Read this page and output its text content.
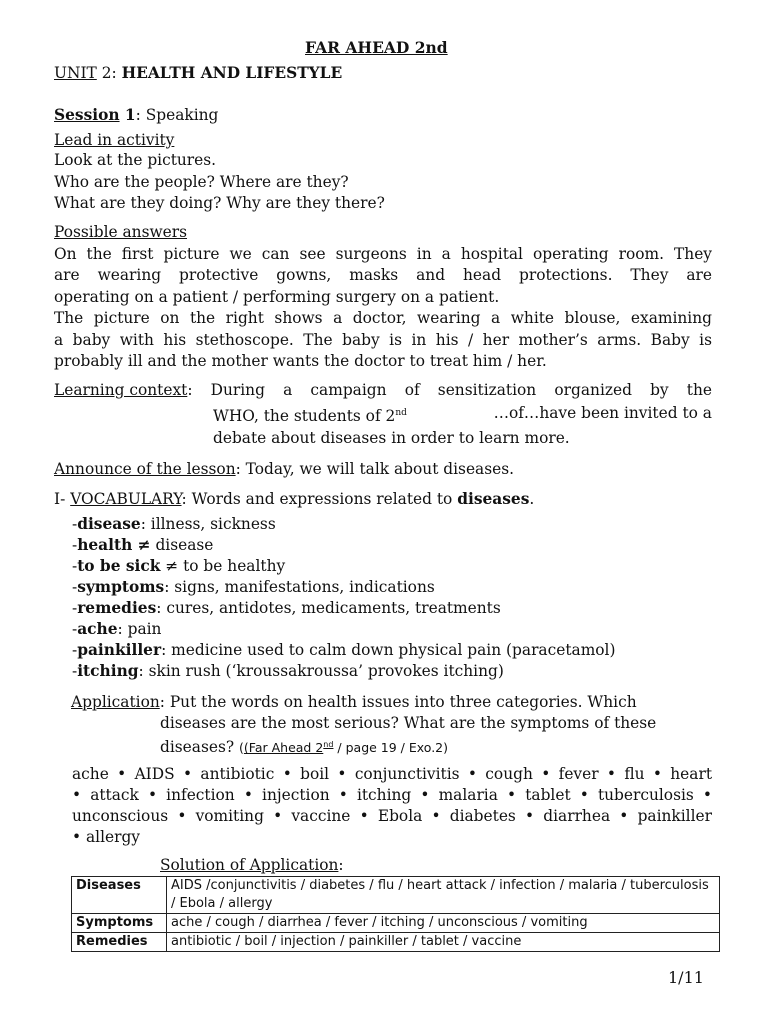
FAR AHEAD 2nd
UNIT 2: HEALTH AND LIFESTYLE
Session 1: Speaking
Lead in activity
Look at the pictures.
Who are the people? Where are they?
What are they doing? Why are they there?
Possible answers
On the first picture we can see surgeons in a hospital operating room. They
are wearing protective gowns, masks and head protections. They are
operating on a patient / performing surgery on a patient.
The picture on the right shows a doctor, wearing a white blouse, examining
a baby with his stethoscope. The baby is in his / her mother’s arms. Baby is
probably ill and the mother wants the doctor to treat him / her.
Learning context : During a campaign of sensitization organized by the
WHO, the students of 2nd	…of…have been invited to a
debate about diseases in order to learn more.
Announce of the lesson: Today, we will talk about diseases.
I- VOCABULARY: Words and expressions related to diseases.
-disease: illness, sickness
-health ≠ disease
-to be sick ≠ to be healthy
-symptoms: signs, manifestations, indications
-remedies: cures, antidotes, medicaments, treatments
-ache: pain
-painkiller: medicine used to calm down physical pain (paracetamol)
-itching: skin rush (‘kroussakroussa’ provokes itching)
Application: Put the words on health issues into three categories. Which
diseases are the most serious? What are the symptoms of these
diseases? ((Far Ahead 2nd / page 19 / Exo.2)
ache • AIDS • antibiotic • boil • conjunctivitis • cough • fever • flu • heart
• attack • infection • injection • itching • malaria • tablet • tuberculosis •
unconscious • vomiting • vaccine • Ebola • diabetes • diarrhea • painkiller
• allergy
Solution of Application:
Diseases	AIDS /conjunctivitis / diabetes / flu / heart attack / infection / malaria / tuberculosis / Ebola / allergy
Symptoms	ache / cough / diarrhea / fever / itching / unconscious / vomiting
Remedies	antibiotic / boil / injection / painkiller / tablet / vaccine
1/11
